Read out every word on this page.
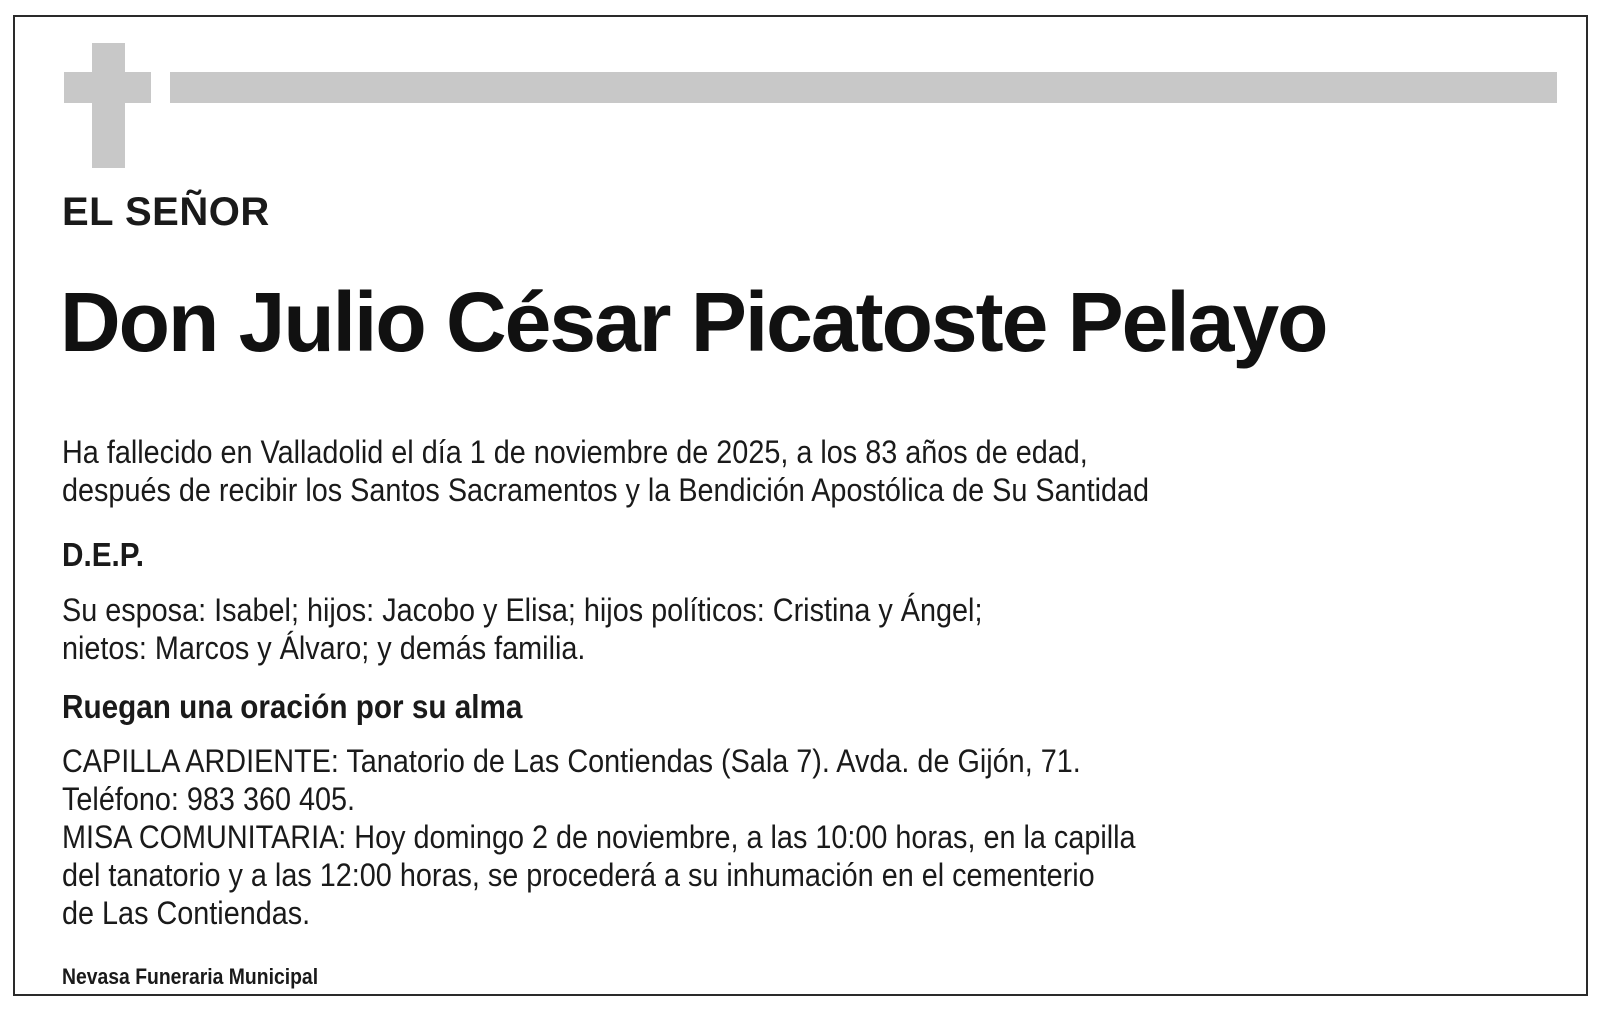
EL SEÑOR
Don Julio César Picatoste Pelayo
Ha fallecido en Valladolid el día 1 de noviembre de 2025, a los 83 años de edad,
después de recibir los Santos Sacramentos y la Bendición Apostólica de Su Santidad
D.E.P.
Su esposa: Isabel; hijos: Jacobo y Elisa; hijos políticos: Cristina y Ángel;
nietos: Marcos y Álvaro; y demás familia.
Ruegan una oración por su alma
CAPILLA ARDIENTE: Tanatorio de Las Contiendas (Sala 7). Avda. de Gijón, 71.
Teléfono: 983 360 405.
MISA COMUNITARIA: Hoy domingo 2 de noviembre, a las 10:00 horas, en la capilla
del tanatorio y a las 12:00 horas, se procederá a su inhumación en el cementerio
de Las Contiendas.
Nevasa Funeraria Municipal
